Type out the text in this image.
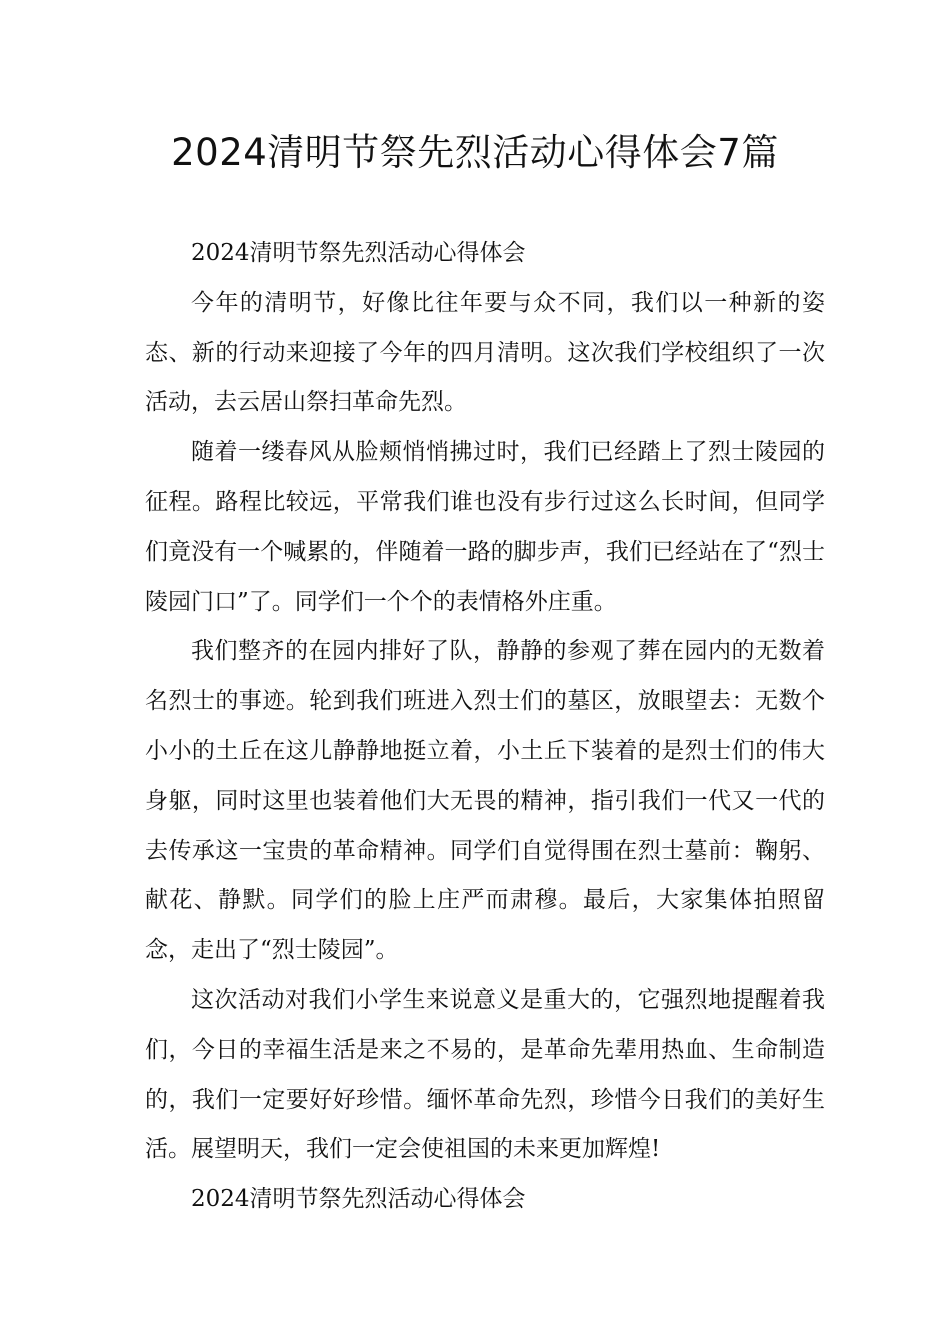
2024清明节祭先烈活动心得体会7篇

2024清明节祭先烈活动心得体会

今年的清明节，好像比往年要与众不同，我们以一种新的姿态、新的行动来迎接了今年的四月清明。这次我们学校组织了一次活动，去云居山祭扫革命先烈。

随着一缕春风从脸颊悄悄拂过时，我们已经踏上了烈士陵园的征程。路程比较远，平常我们谁也没有步行过这么长时间，但同学们竟没有一个喊累的，伴随着一路的脚步声，我们已经站在了“烈士陵园门口”了。同学们一个个的表情格外庄重。

我们整齐的在园内排好了队，静静的参观了葬在园内的无数着名烈士的事迹。轮到我们班进入烈士们的墓区，放眼望去：无数个小小的土丘在这儿静静地挺立着，小土丘下装着的是烈士们的伟大身躯，同时这里也装着他们大无畏的精神，指引我们一代又一代的去传承这一宝贵的革命精神。同学们自觉得围在烈士墓前：鞠躬、献花、静默。同学们的脸上庄严而肃穆。最后，大家集体拍照留念，走出了“烈士陵园”。

这次活动对我们小学生来说意义是重大的，它强烈地提醒着我们，今日的幸福生活是来之不易的，是革命先辈用热血、生命制造的，我们一定要好好珍惜。缅怀革命先烈，珍惜今日我们的美好生活。展望明天，我们一定会使祖国的未来更加辉煌!

2024清明节祭先烈活动心得体会
